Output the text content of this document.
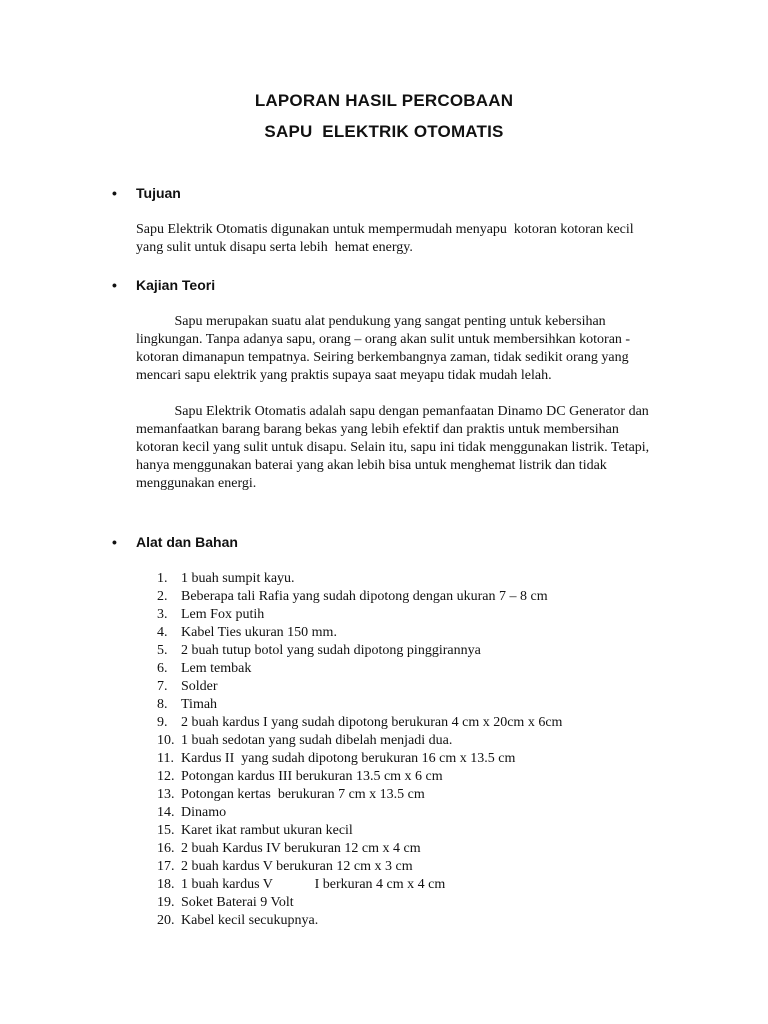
LAPORAN HASIL PERCOBAAN
SAPU  ELEKTRIK OTOMATIS
• Tujuan
Sapu Elektrik Otomatis digunakan untuk mempermudah menyapu  kotoran kotoran kecil
yang sulit untuk disapu serta lebih  hemat energy.
• Kajian Teori
Sapu merupakan suatu alat pendukung yang sangat penting untuk kebersihan
lingkungan. Tanpa adanya sapu, orang – orang akan sulit untuk membersihkan kotoran -
kotoran dimanapun tempatnya. Seiring berkembangnya zaman, tidak sedikit orang yang
mencari sapu elektrik yang praktis supaya saat meyapu tidak mudah lelah.
Sapu Elektrik Otomatis adalah sapu dengan pemanfaatan Dinamo DC Generator dan
memanfaatkan barang barang bekas yang lebih efektif dan praktis untuk membersihan
kotoran kecil yang sulit untuk disapu. Selain itu, sapu ini tidak menggunakan listrik. Tetapi,
hanya menggunakan baterai yang akan lebih bisa untuk menghemat listrik dan tidak
menggunakan energi.
• Alat dan Bahan
1. 1 buah sumpit kayu.
2. Beberapa tali Rafia yang sudah dipotong dengan ukuran 7 – 8 cm
3. Lem Fox putih
4. Kabel Ties ukuran 150 mm.
5. 2 buah tutup botol yang sudah dipotong pinggirannya
6. Lem tembak
7. Solder
8. Timah
9. 2 buah kardus I yang sudah dipotong berukuran 4 cm x 20cm x 6cm
10. 1 buah sedotan yang sudah dibelah menjadi dua.
11. Kardus II  yang sudah dipotong berukuran 16 cm x 13.5 cm
12. Potongan kardus III berukuran 13.5 cm x 6 cm
13. Potongan kertas  berukuran 7 cm x 13.5 cm
14. Dinamo
15. Karet ikat rambut ukuran kecil
16. 2 buah Kardus IV berukuran 12 cm x 4 cm
17. 2 buah kardus V berukuran 12 cm x 3 cm
18. 1 buah kardus V            I berkuran 4 cm x 4 cm
19. Soket Baterai 9 Volt
20. Kabel kecil secukupnya.
